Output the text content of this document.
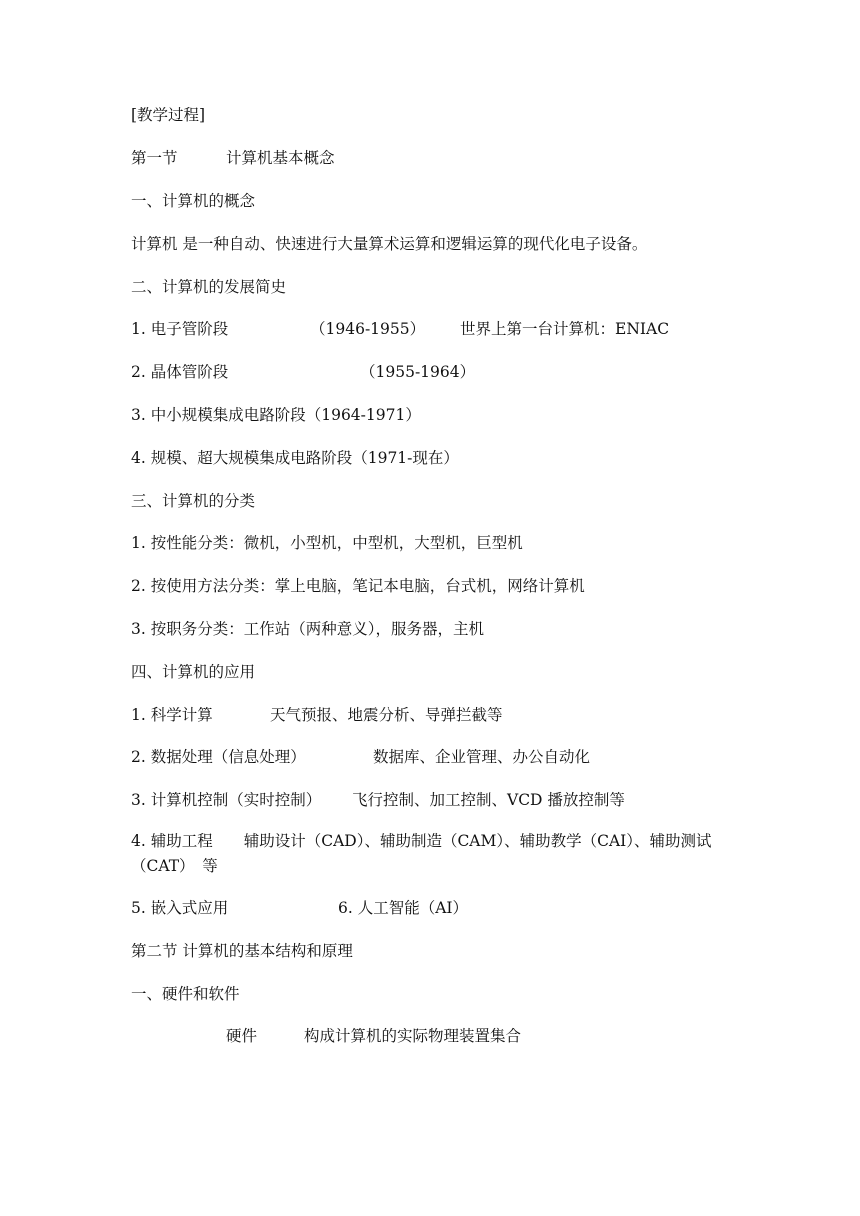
[教学过程]
第一节	计算机基本概念
一、计算机的概念
计算机 是一种自动、快速进行大量算术运算和逻辑运算的现代化电子设备。
二、计算机的发展简史
1. 电子管阶段	（1946-1955） 世界上第一台计算机：ENIAC
2. 晶体管阶段	（1955-1964）
3. 中小规模集成电路阶段（1964-1971）
4. 规模、超大规模集成电路阶段（1971-现在）
三、计算机的分类
1. 按性能分类：微机，小型机，中型机，大型机，巨型机
2. 按使用方法分类：掌上电脑，笔记本电脑，台式机，网络计算机
3. 按职务分类：工作站（两种意义），服务器，主机
四、计算机的应用
1. 科学计算	天气预报、地震分析、导弹拦截等
2. 数据处理（信息处理）	数据库、企业管理、办公自动化
3. 计算机控制（实时控制） 飞行控制、加工控制、VCD 播放控制等
4. 辅助工程　　辅助设计（CAD）、辅助制造（CAM）、辅助教学（CAI）、辅助测试（CAT）　等
5. 嵌入式应用	6. 人工智能（AI）
第二节 计算机的基本结构和原理
一、硬件和软件
硬件	构成计算机的实际物理装置集合
